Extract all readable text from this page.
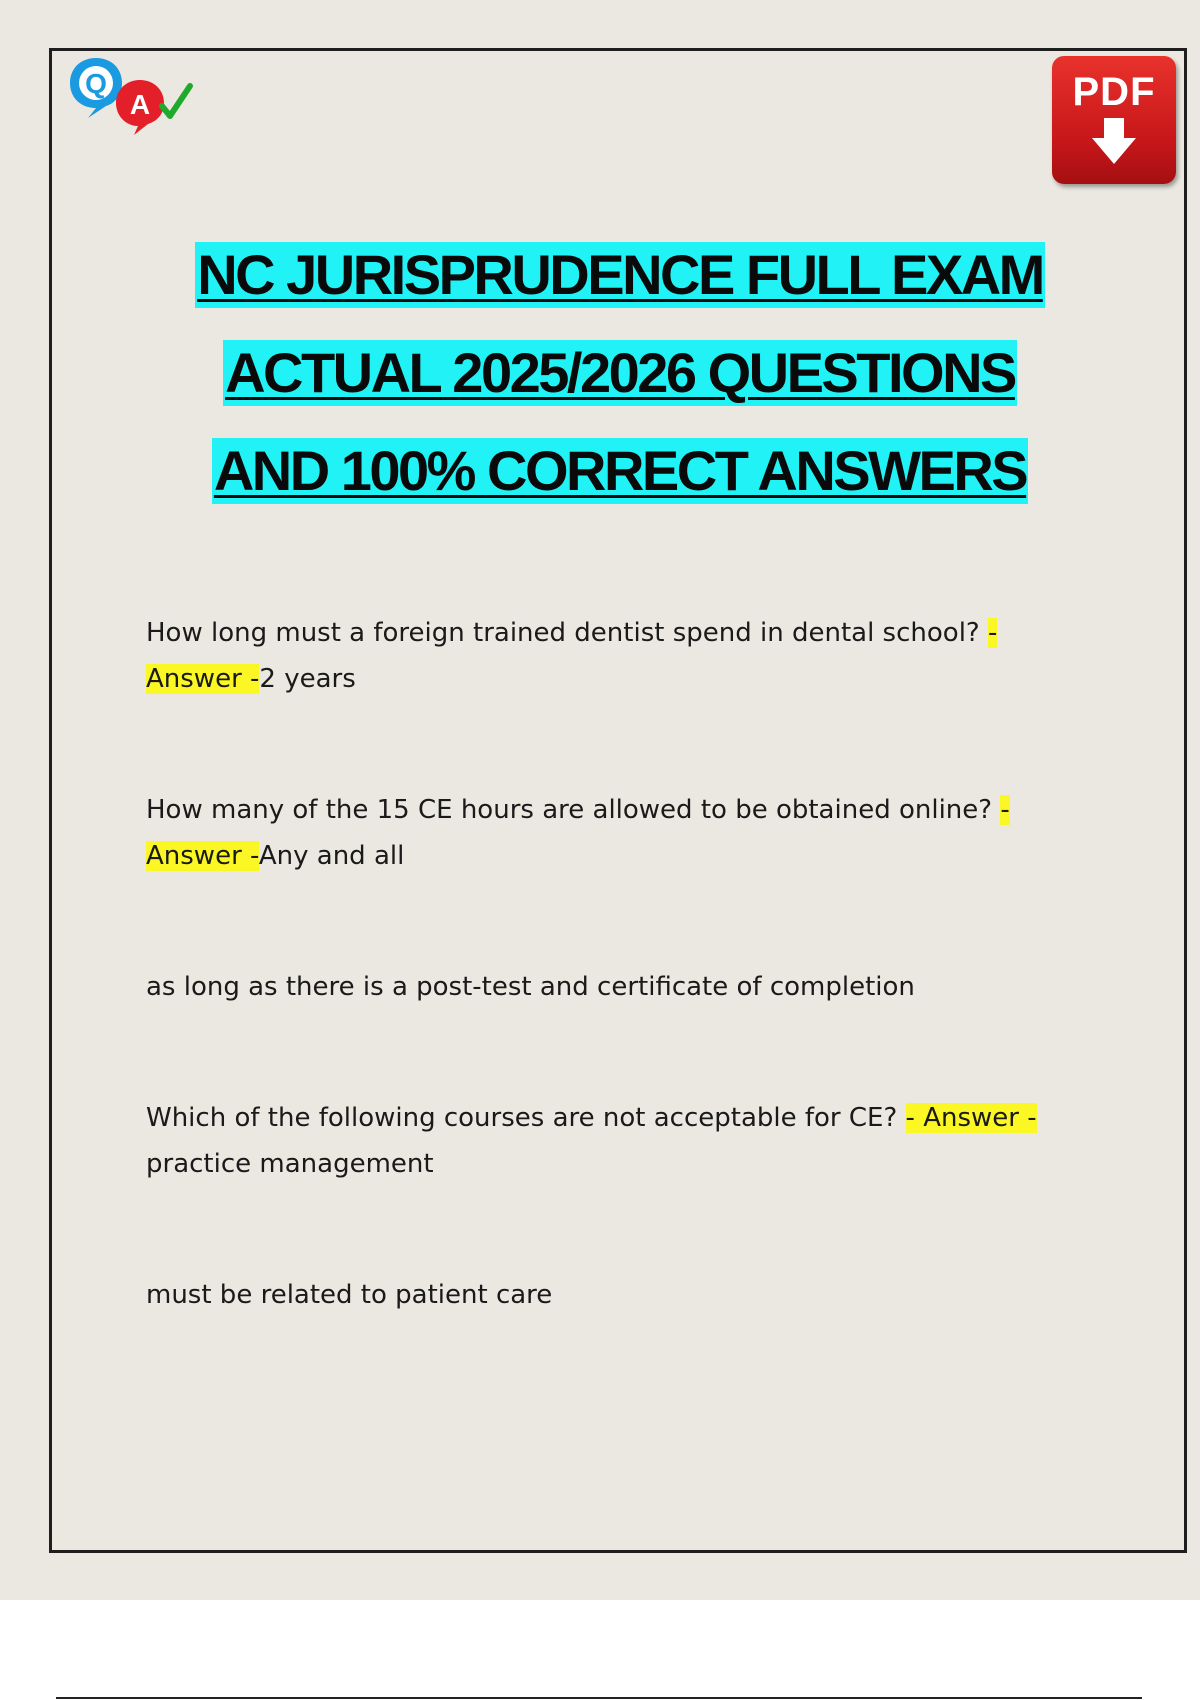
Q
A	PDF
NC JURISPRUDENCE FULL EXAM
ACTUAL 2025/2026 QUESTIONS
AND 100% CORRECT ANSWERS
How long must a foreign trained dentist spend in dental school? -
Answer -2 years
How many of the 15 CE hours are allowed to be obtained online? -
Answer -Any and all
as long as there is a post-test and certificate of completion
Which of the following courses are not acceptable for CE? - Answer -
practice management
must be related to patient care
